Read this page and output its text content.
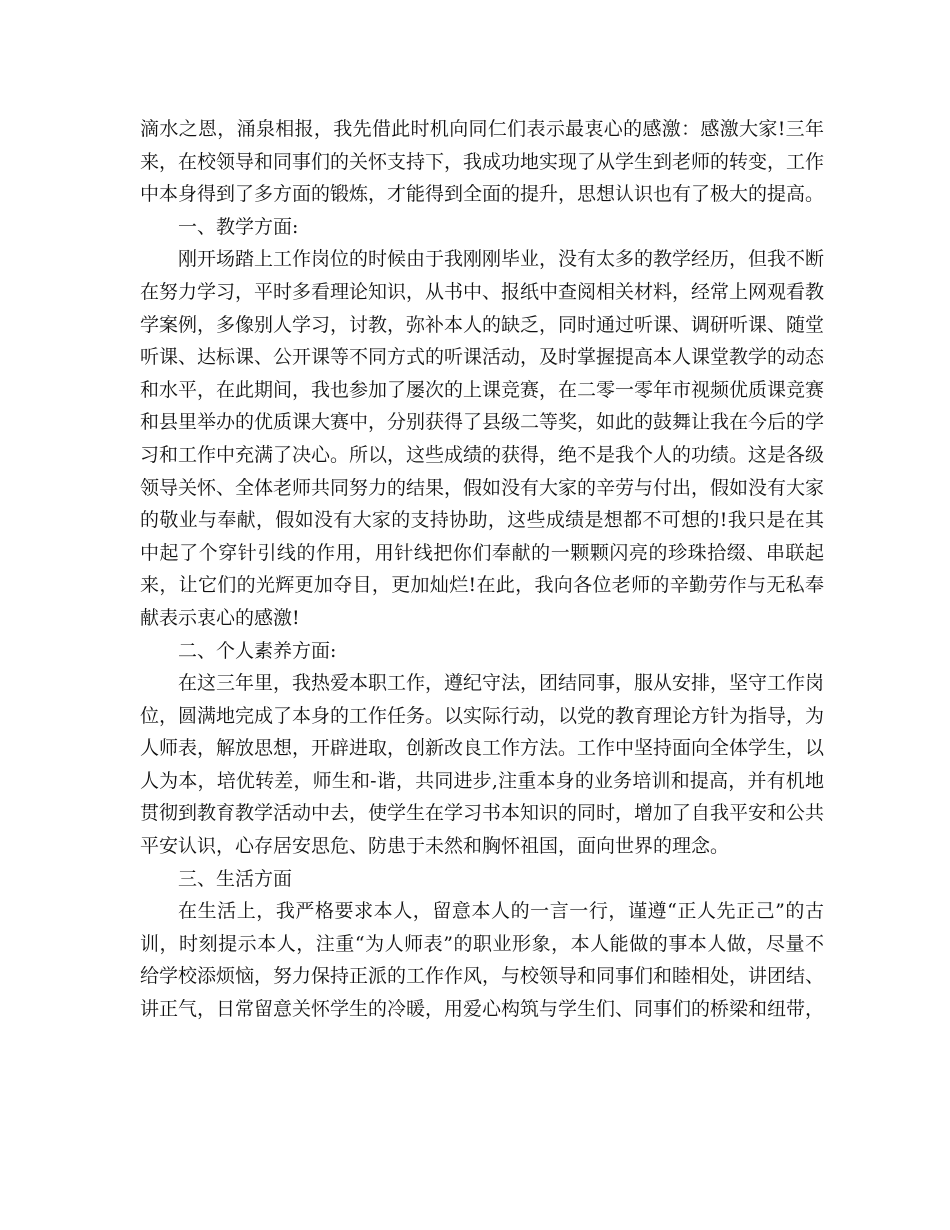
滴水之恩，涌泉相报，我先借此时机向同仁们表示最衷心的感激：感激大家!三年来，在校领导和同事们的关怀支持下，我成功地实现了从学生到老师的转变，工作中本身得到了多方面的锻炼，才能得到全面的提升，思想认识也有了极大的提高。

一、教学方面:

刚开场踏上工作岗位的时候由于我刚刚毕业，没有太多的教学经历，但我不断在努力学习，平时多看理论知识，从书中、报纸中查阅相关材料，经常上网观看教学案例，多像别人学习，讨教，弥补本人的缺乏，同时通过听课、调研听课、随堂听课、达标课、公开课等不同方式的听课活动，及时掌握提高本人课堂教学的动态和水平，在此期间，我也参加了屡次的上课竞赛，在二零一零年市视频优质课竞赛和县里举办的优质课大赛中，分别获得了县级二等奖，如此的鼓舞让我在今后的学习和工作中充满了决心。所以，这些成绩的获得，绝不是我个人的功绩。这是各级领导关怀、全体老师共同努力的结果，假如没有大家的辛劳与付出，假如没有大家的敬业与奉献，假如没有大家的支持协助，这些成绩是想都不可想的!我只是在其中起了个穿针引线的作用，用针线把你们奉献的一颗颗闪亮的珍珠拾缀、串联起来，让它们的光辉更加夺目，更加灿烂!在此，我向各位老师的辛勤劳作与无私奉献表示衷心的感激!

二、个人素养方面:

在这三年里，我热爱本职工作，遵纪守法，团结同事，服从安排，坚守工作岗位，圆满地完成了本身的工作任务。以实际行动，以党的教育理论方针为指导，为人师表，解放思想，开辟进取，创新改良工作方法。工作中坚持面向全体学生，以人为本，培优转差，师生和-谐，共同进步,注重本身的业务培训和提高，并有机地贯彻到教育教学活动中去，使学生在学习书本知识的同时，增加了自我平安和公共平安认识，心存居安思危、防患于未然和胸怀祖国，面向世界的理念。

三、生活方面

在生活上，我严格要求本人，留意本人的一言一行，谨遵“正人先正己”的古训，时刻提示本人，注重“为人师表”的职业形象，本人能做的事本人做，尽量不给学校添烦恼，努力保持正派的工作作风，与校领导和同事们和睦相处，讲团结、讲正气，日常留意关怀学生的冷暖，用爱心构筑与学生们、同事们的桥梁和纽带，
